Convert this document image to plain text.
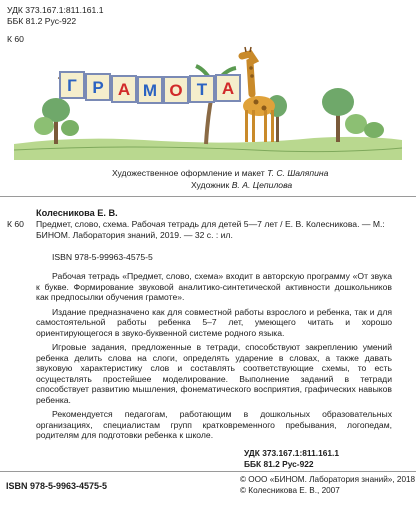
УДК 373.167.1:811.161.1
ББК 81.2 Рус-922
К 60
Г Р А М О Т А
Художественное оформление и макет Т. С. Шаляпина
Художник В. А. Цепилова
Колесникова Е. В.
К 60 Предмет, слово, схема. Рабочая тетрадь для детей 5—7 лет / Е. В. Колесникова. — М.: БИНОМ. Лаборатория знаний, 2019. — 32 с. : ил.
ISBN 978-5-99963-4575-5

Рабочая тетрадь «Предмет, слово, схема» входит в авторскую программу «От звука к букве. Формирование звуковой аналитико-синтетической активности дошкольников как предпосылки обучения грамоте».

Издание предназначено как для совместной работы взрослого и ребенка, так и для самостоятельной работы ребенка 5–7 лет, умеющего читать и хорошо ориентирующегося в звуко-буквенной системе родного языка.

Игровые задания, предложенные в тетради, способствуют закреплению умений ребенка делить слова на слоги, определять ударение в словах, а также давать звуковую характеристику слов и составлять соответствующие схемы, то есть осуществлять простейшее моделирование. Выполнение заданий в тетради способствует развитию мышления, фонематического восприятия, графических навыков ребенка.

Рекомендуется педагогам, работающим в дошкольных образовательных организациях, специалистам групп кратковременного пребывания, логопедам, родителям для подготовки ребенка к школе.

УДК 373.167.1:811.161.1
ББК 81.2 Рус-922
ISBN 978-5-9963-4575-5
© ООО «БИНОМ. Лаборатория знаний», 2018
© Колесникова Е. В., 2007
